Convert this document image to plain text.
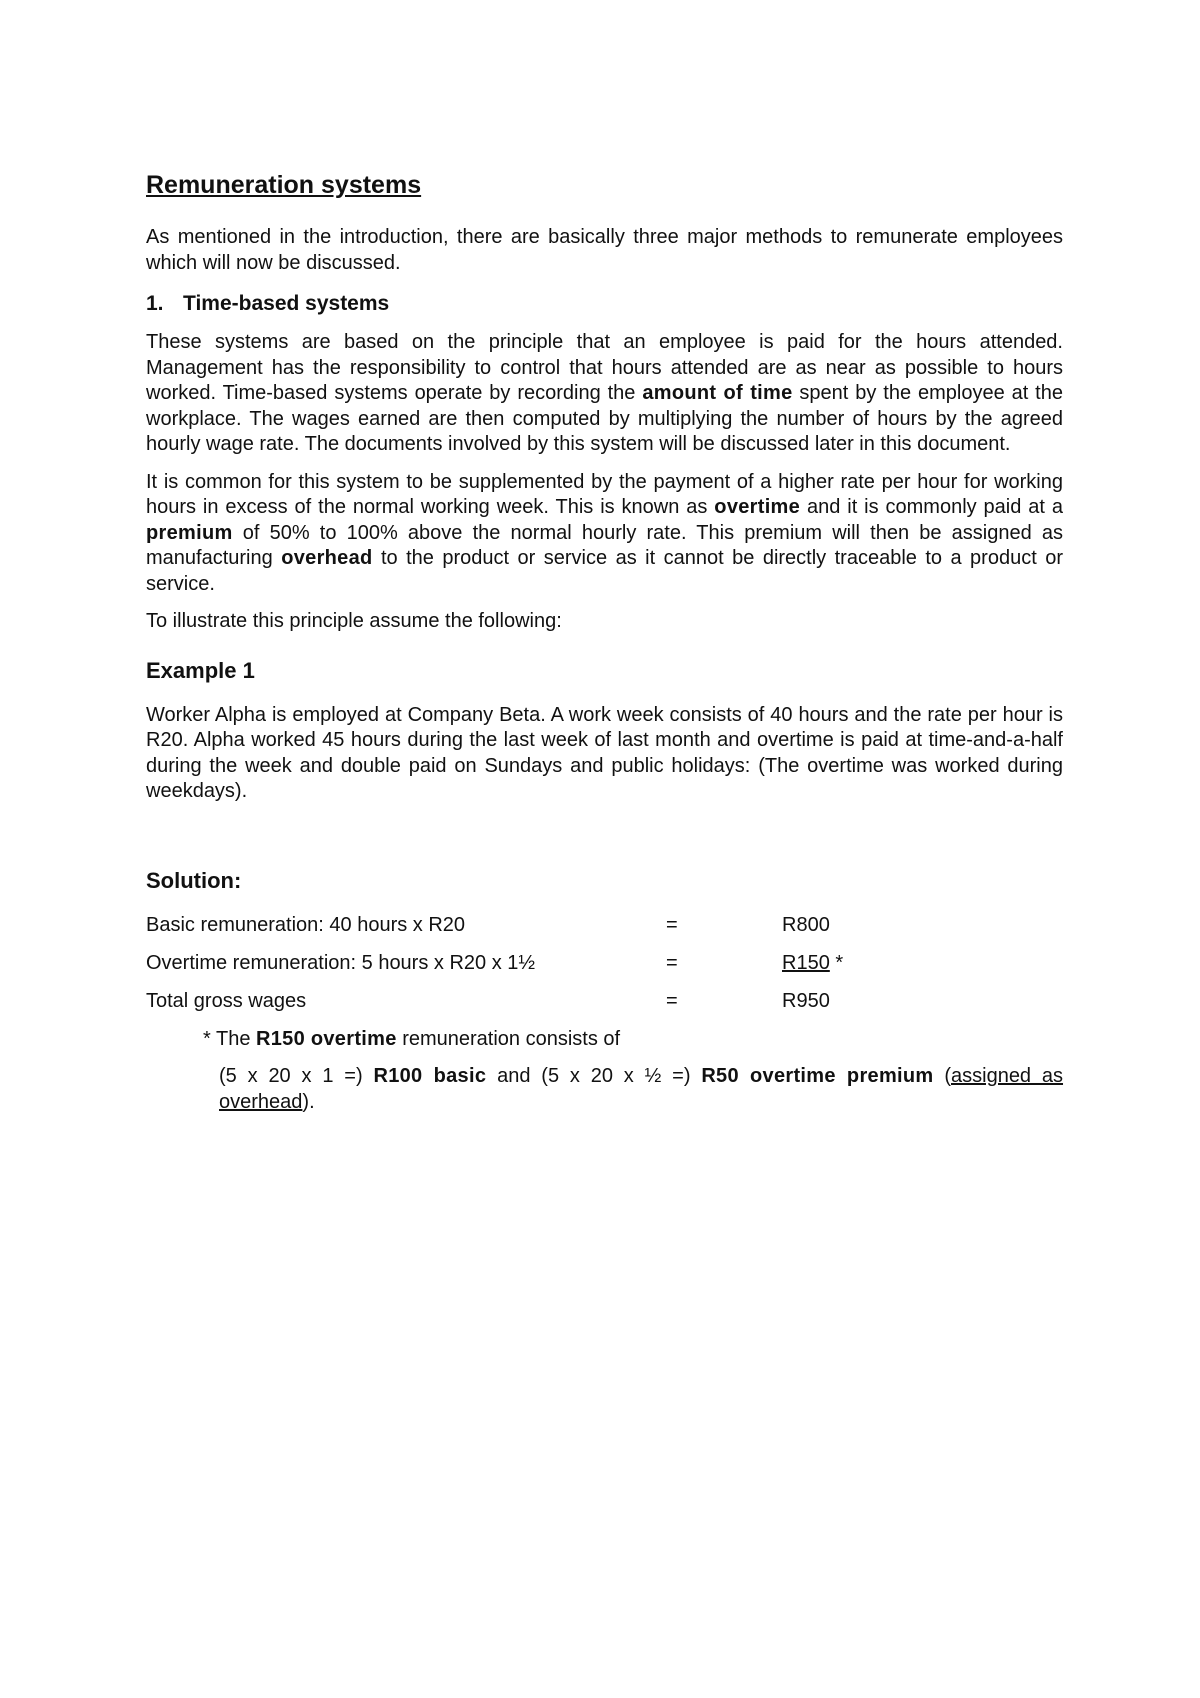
Remuneration systems

As mentioned in the introduction, there are basically three major methods to remunerate employees which will now be discussed.

1. Time-based systems

These systems are based on the principle that an employee is paid for the hours attended. Management has the responsibility to control that hours attended are as near as possible to hours worked. Time-based systems operate by recording the amount of time spent by the employee at the workplace. The wages earned are then computed by multiplying the number of hours by the agreed hourly wage rate. The documents involved by this system will be discussed later in this document.

It is common for this system to be supplemented by the payment of a higher rate per hour for working hours in excess of the normal working week. This is known as overtime and it is commonly paid at a premium of 50% to 100% above the normal hourly rate. This premium will then be assigned as manufacturing overhead to the product or service as it cannot be directly traceable to a product or service.

To illustrate this principle assume the following:

Example 1

Worker Alpha is employed at Company Beta. A work week consists of 40 hours and the rate per hour is R20. Alpha worked 45 hours during the last week of last month and overtime is paid at time-and-a-half during the week and double paid on Sundays and public holidays: (The overtime was worked during weekdays).

Solution:
Basic remuneration: 40 hours x R20	=	R800
Overtime remuneration: 5 hours x R20 x 1½	=	R150 *
Total gross wages	=	R950
* The R150 overtime remuneration consists of
(5 x 20 x 1 =) R100 basic and (5 x 20 x ½ =) R50 overtime premium (assigned as overhead).
